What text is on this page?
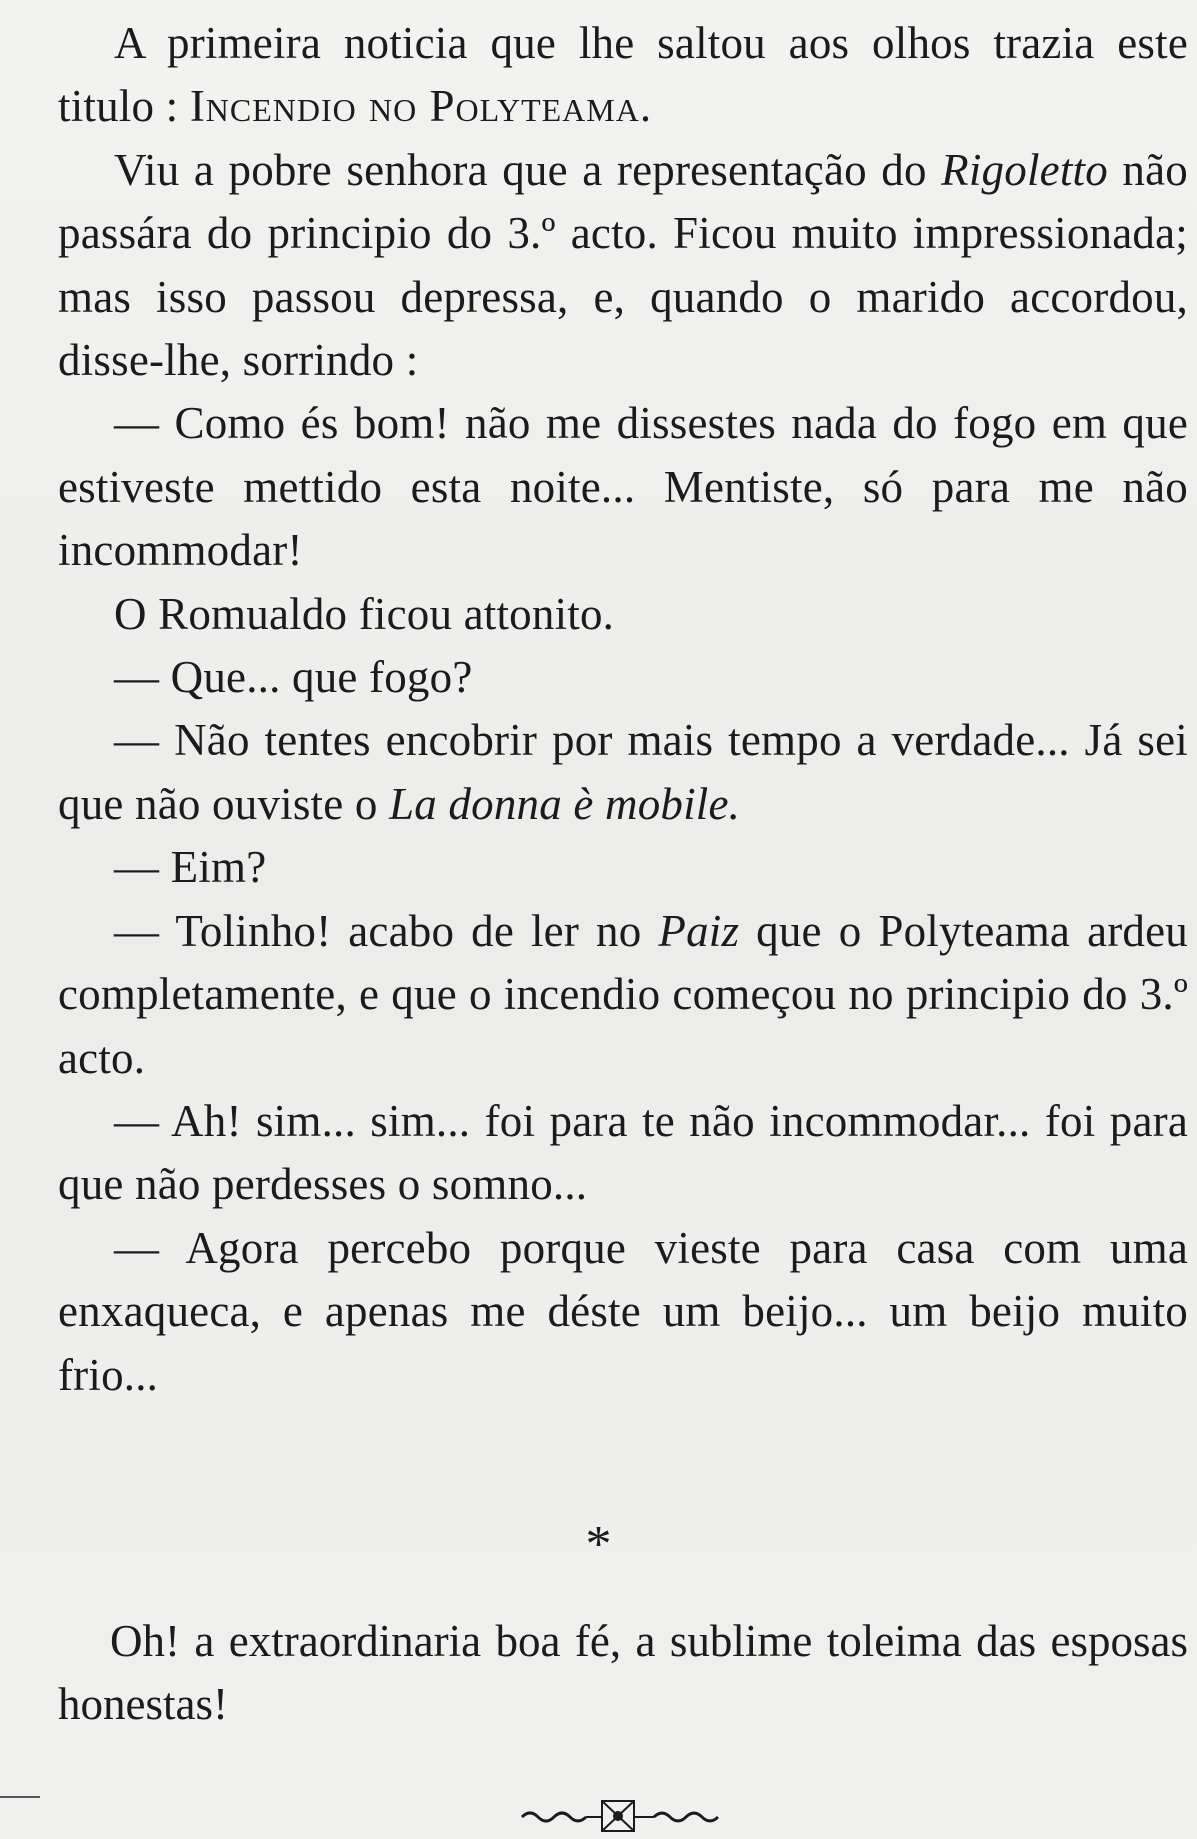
A primeira noticia que lhe saltou aos olhos trazia este titulo : Incendio no Polyteama.

Viu a pobre senhora que a representação do Rigoletto não passára do principio do 3.º acto. Ficou muito impressionada; mas isso passou depressa, e, quando o marido accordou, disse-lhe, sorrindo :

— Como és bom! não me dissestes nada do fogo em que estiveste mettido esta noite... Mentiste, só para me não incommodar!

O Romualdo ficou attonito.

— Que... que fogo?

— Não tentes encobrir por mais tempo a verdade... Já sei que não ouviste o La donna è mobile.

— Eim?

— Tolinho! acabo de ler no Paiz que o Polyteama ardeu completamente, e que o incendio começou no principio do 3.º acto.

— Ah! sim... sim... foi para te não incommodar... foi para que não perdesses o somno...

— Agora percebo porque vieste para casa com uma enxaqueca, e apenas me déste um beijo... um beijo muito frio...

*

Oh! a extraordinaria boa fé, a sublime toleima das esposas honestas!
